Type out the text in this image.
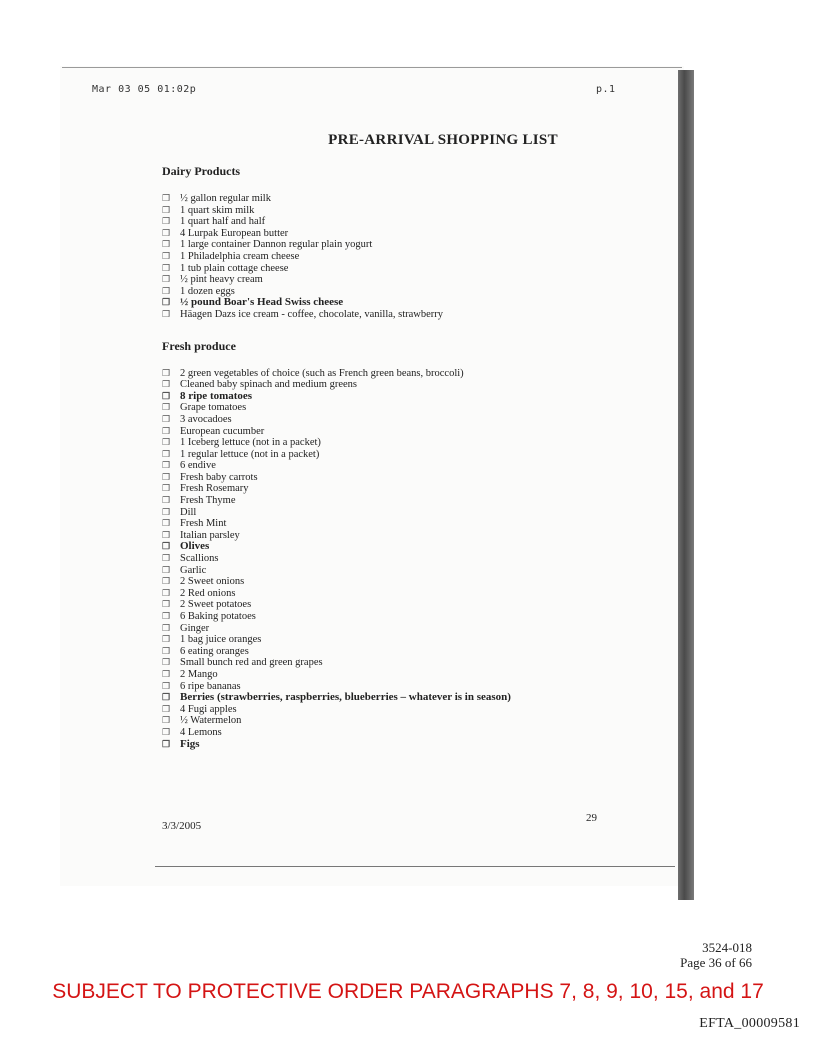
Mar 03 05 01:02p	p.1
PRE-ARRIVAL SHOPPING LIST
Dairy Products
❒ ½ gallon regular milk
❒ 1 quart skim milk
❒ 1 quart half and half
❒ 4 Lurpak European butter
❒ 1 large container Dannon regular plain yogurt
❒ 1 Philadelphia cream cheese
❒ 1 tub plain cottage cheese
❒ ½ pint heavy cream
❒ 1 dozen eggs
❒ ½ pound Boar's Head Swiss cheese
❒ Häagen Dazs ice cream - coffee, chocolate, vanilla, strawberry
Fresh produce
❒ 2 green vegetables of choice (such as French green beans, broccoli)
❒ Cleaned baby spinach and medium greens
❒ 8 ripe tomatoes
❒ Grape tomatoes
❒ 3 avocadoes
❒ European cucumber
❒ 1 Iceberg lettuce (not in a packet)
❒ 1 regular lettuce (not in a packet)
❒ 6 endive
❒ Fresh baby carrots
❒ Fresh Rosemary
❒ Fresh Thyme
❒ Dill
❒ Fresh Mint
❒ Italian parsley
❒ Olives
❒ Scallions
❒ Garlic
❒ 2 Sweet onions
❒ 2 Red onions
❒ 2 Sweet potatoes
❒ 6 Baking potatoes
❒ Ginger
❒ 1 bag juice oranges
❒ 6 eating oranges
❒ Small bunch red and green grapes
❒ 2 Mango
❒ 6 ripe bananas
❒ Berries (strawberries, raspberries, blueberries – whatever is in season)
❒ 4 Fugi apples
❒ ½ Watermelon
❒ 4 Lemons
❒ Figs
29
3/3/2005
3524-018
Page 36 of 66
SUBJECT TO PROTECTIVE ORDER PARAGRAPHS 7, 8, 9, 10, 15, and 17
EFTA_00009581
